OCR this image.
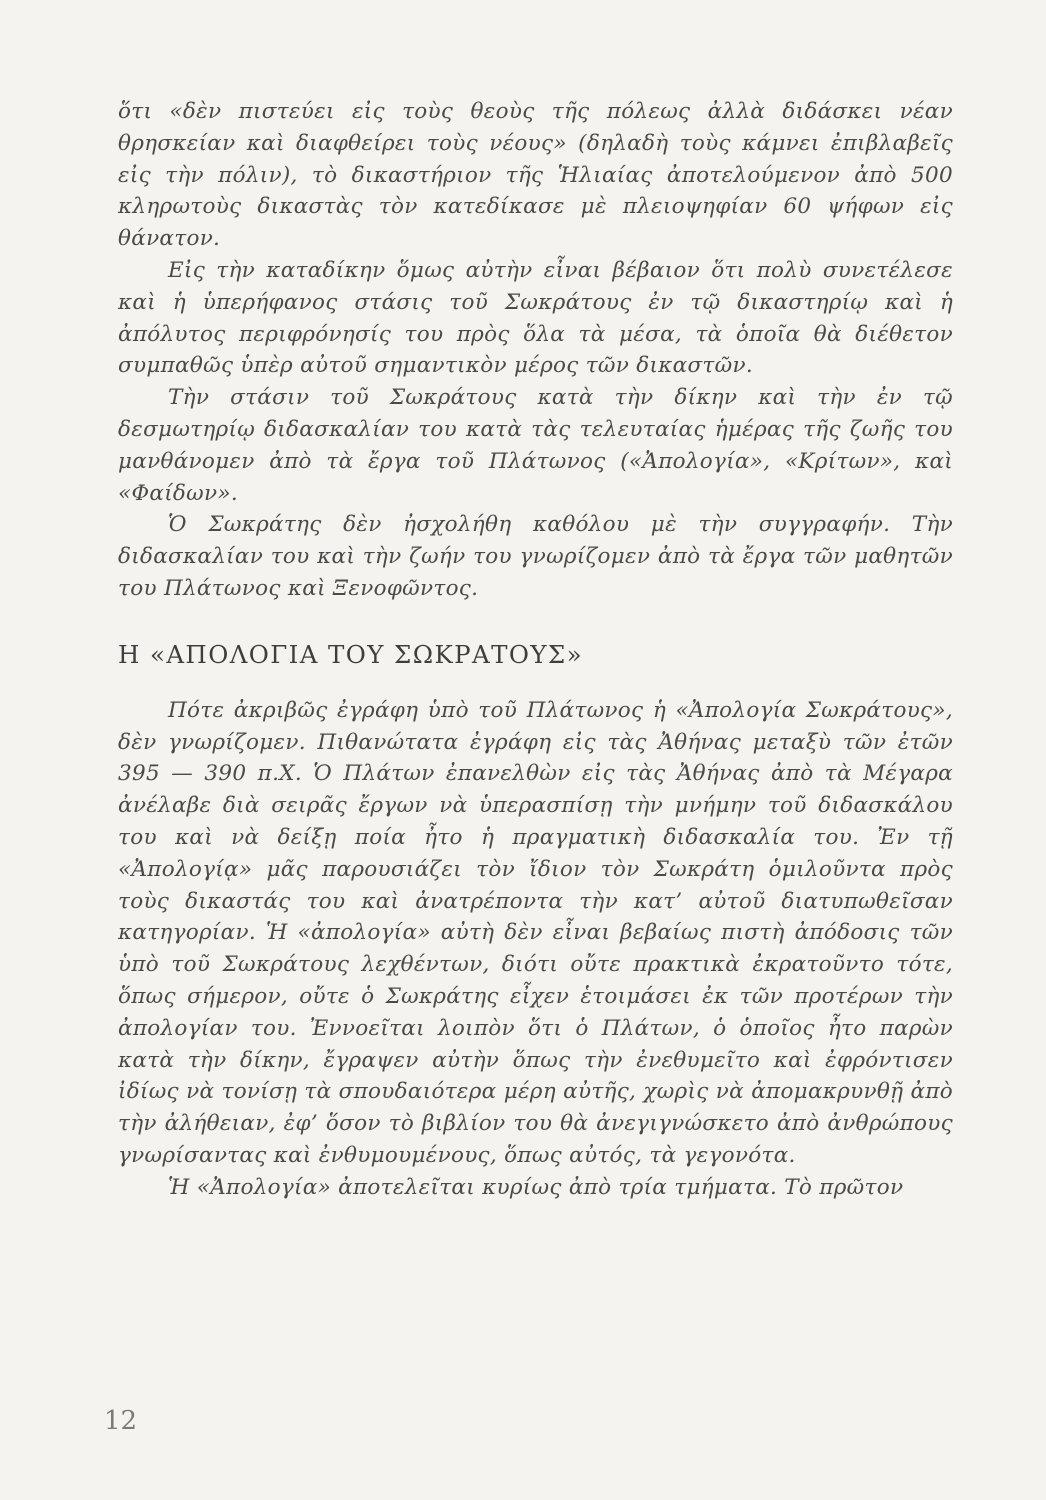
ὅτι «δὲν πιστεύει εἰς τοὺς θεοὺς τῆς πόλεως ἀλλὰ διδάσκει νέαν θρησκείαν καὶ διαφθείρει τοὺς νέους» (δηλαδὴ τοὺς κάμνει ἐπιβλαβεῖς εἰς τὴν πόλιν), τὸ δικαστήριον τῆς Ἡλιαίας ἀποτελούμενον ἀπὸ 500 κληρωτοὺς δικαστὰς τὸν κατεδίκασε μὲ πλειοψηφίαν 60 ψήφων εἰς θάνατον.

Εἰς τὴν καταδίκην ὅμως αὐτὴν εἶναι βέβαιον ὅτι πολὺ συνετέλεσε καὶ ἡ ὑπερήφανος στάσις τοῦ Σωκράτους ἐν τῷ δικαστηρίῳ καὶ ἡ ἀπόλυτος περιφρόνησίς του πρὸς ὅλα τὰ μέσα, τὰ ὁποῖα θὰ διέθετον συμπαθῶς ὑπὲρ αὐτοῦ σημαντικὸν μέρος τῶν δικαστῶν.

Τὴν στάσιν τοῦ Σωκράτους κατὰ τὴν δίκην καὶ τὴν ἐν τῷ δεσμωτηρίῳ διδασκαλίαν του κατὰ τὰς τελευταίας ἡμέρας τῆς ζωῆς του μανθάνομεν ἀπὸ τὰ ἔργα τοῦ Πλάτωνος («Ἀπολογία», «Κρίτων», καὶ «Φαίδων».

Ὁ Σωκράτης δὲν ἠσχολήθη καθόλου μὲ τὴν συγγραφήν. Τὴν διδασκαλίαν του καὶ τὴν ζωήν του γνωρίζομεν ἀπὸ τὰ ἔργα τῶν μαθητῶν του Πλάτωνος καὶ Ξενοφῶντος.

Η «ΑΠΟΛΟΓΙΑ ΤΟΥ ΣΩΚΡΑΤΟΥΣ»

Πότε ἀκριβῶς ἐγράφη ὑπὸ τοῦ Πλάτωνος ἡ «Ἀπολογία Σωκράτους», δὲν γνωρίζομεν. Πιθανώτατα ἐγράφη εἰς τὰς Ἀθήνας μεταξὺ τῶν ἐτῶν 395 — 390 π.Χ. Ὁ Πλάτων ἐπανελθὼν εἰς τὰς Ἀθήνας ἀπὸ τὰ Μέγαρα ἀνέλαβε διὰ σειρᾶς ἔργων νὰ ὑπερασπίσῃ τὴν μνήμην τοῦ διδασκάλου του καὶ νὰ δείξῃ ποία ἦτο ἡ πραγματικὴ διδασκαλία του. Ἐν τῇ «Ἀπολογίᾳ» μᾶς παρουσιάζει τὸν ἴδιον τὸν Σωκράτη ὁμιλοῦντα πρὸς τοὺς δικαστάς του καὶ ἀνατρέποντα τὴν κατ’ αὐτοῦ διατυπωθεῖσαν κατηγορίαν. Ἡ «ἀπολογία» αὐτὴ δὲν εἶναι βεβαίως πιστὴ ἀπόδοσις τῶν ὑπὸ τοῦ Σωκράτους λεχθέντων, διότι οὔτε πρακτικὰ ἐκρατοῦντο τότε, ὅπως σήμερον, οὔτε ὁ Σωκράτης εἶχεν ἑτοιμάσει ἐκ τῶν προτέρων τὴν ἀπολογίαν του. Ἐννοεῖται λοιπὸν ὅτι ὁ Πλάτων, ὁ ὁποῖος ἦτο παρὼν κατὰ τὴν δίκην, ἔγραψεν αὐτὴν ὅπως τὴν ἐνεθυμεῖτο καὶ ἐφρόντισεν ἰδίως νὰ τονίσῃ τὰ σπουδαιότερα μέρη αὐτῆς, χωρὶς νὰ ἀπομακρυνθῇ ἀπὸ τὴν ἀλήθειαν, ἐφ’ ὅσον τὸ βιβλίον του θὰ ἀνεγιγνώσκετο ἀπὸ ἀνθρώπους γνωρίσαντας καὶ ἐνθυμουμένους, ὅπως αὐτός, τὰ γεγονότα.

Ἡ «Ἀπολογία» ἀποτελεῖται κυρίως ἀπὸ τρία τμήματα. Τὸ πρῶτον

12
